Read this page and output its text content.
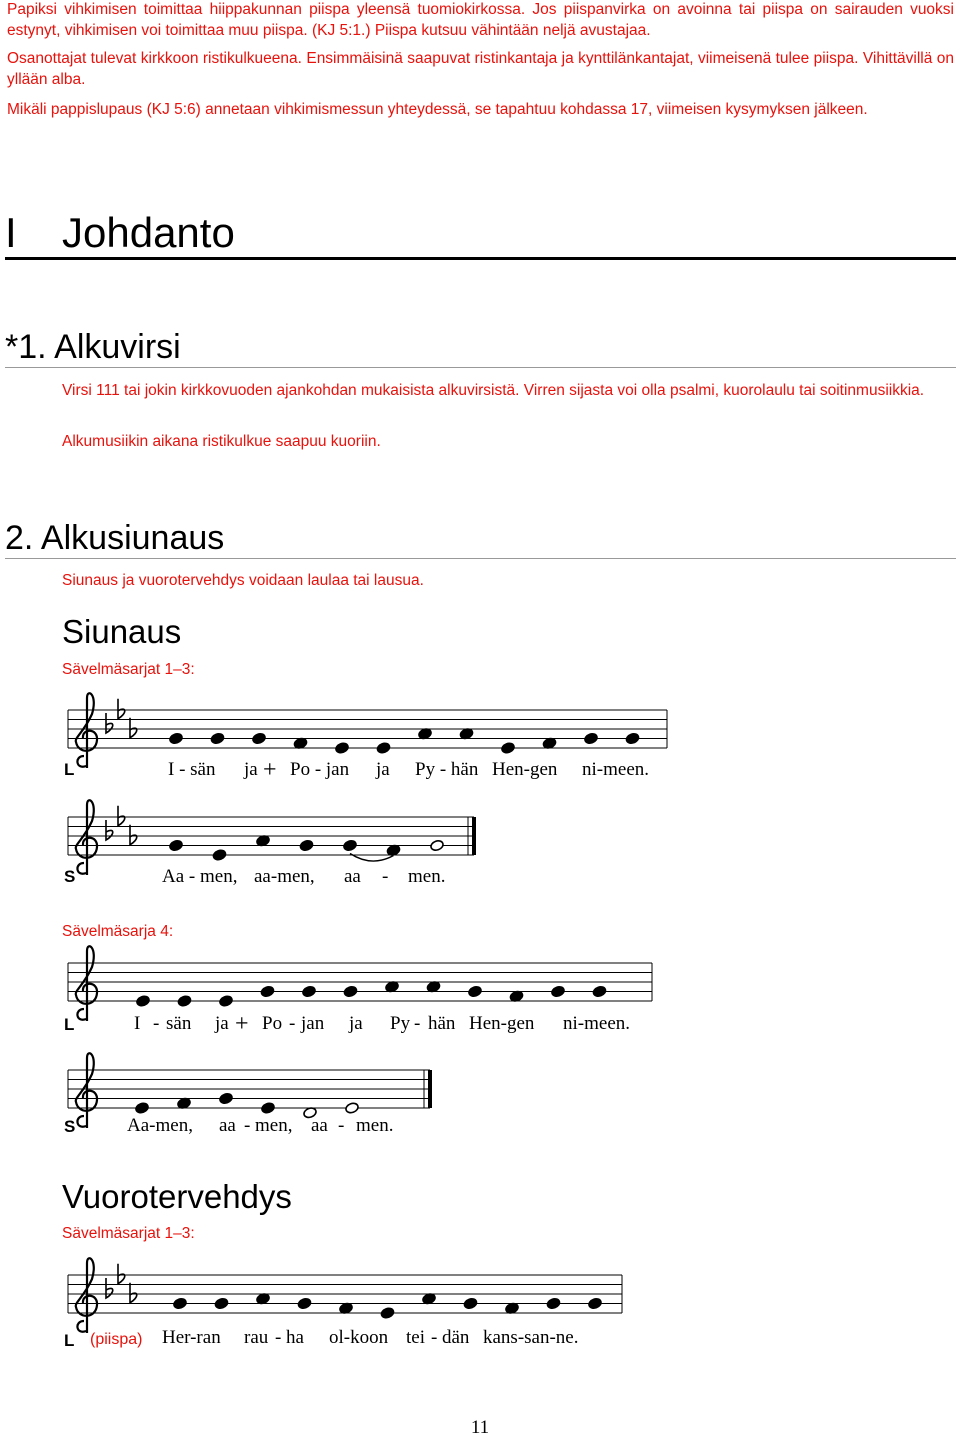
Papiksi vihkimisen toimittaa hiippakunnan piispa yleensä tuomiokirkossa. Jos piispanvirka on avoinna tai piispa on sairauden vuoksi estynyt, vihkimisen voi toimittaa muu piispa. (KJ 5:1.) Piispa kutsuu vähintään neljä avustajaa.
Osanottajat tulevat kirkkoon ristikulkueena. Ensimmäisinä saapuvat ristinkantaja ja kynttilänkantajat, viimeisenä tulee piispa. Vihittävillä on yllään alba.
Mikäli pappislupaus (KJ 5:6) annetaan vihkimismessun yhteydessä, se tapahtuu kohdassa 17, viimeisen kysymyksen jälkeen.
I Johdanto
*1. Alkuvirsi
Virsi 111 tai jokin kirkkovuoden ajankohdan mukaisista alkuvirsistä. Virren sijasta voi olla psalmi, kuorolaulu tai soitinmusiikkia.
Alkumusiikin aikana ristikulkue saapuu kuoriin.
2. Alkusiunaus
Siunaus ja vuorotervehdys voidaan laulaa tai lausua.
Siunaus
Sävelmäsarjat 1–3:
L	I - sän ja + Po - jan ja Py - hän Hen-gen ni-meen.
S	Aa - men, aa-men, aa - men.
Sävelmäsarja 4:
L	I - sän ja + Po - jan ja Py - hän Hen-gen ni-meen.
S	Aa-men, aa - men, aa - men.
Vuorotervehdys
Sävelmäsarjat 1–3:
L (piispa) Her-ran rau - ha ol-koon tei - dän kans-san-ne.
11
